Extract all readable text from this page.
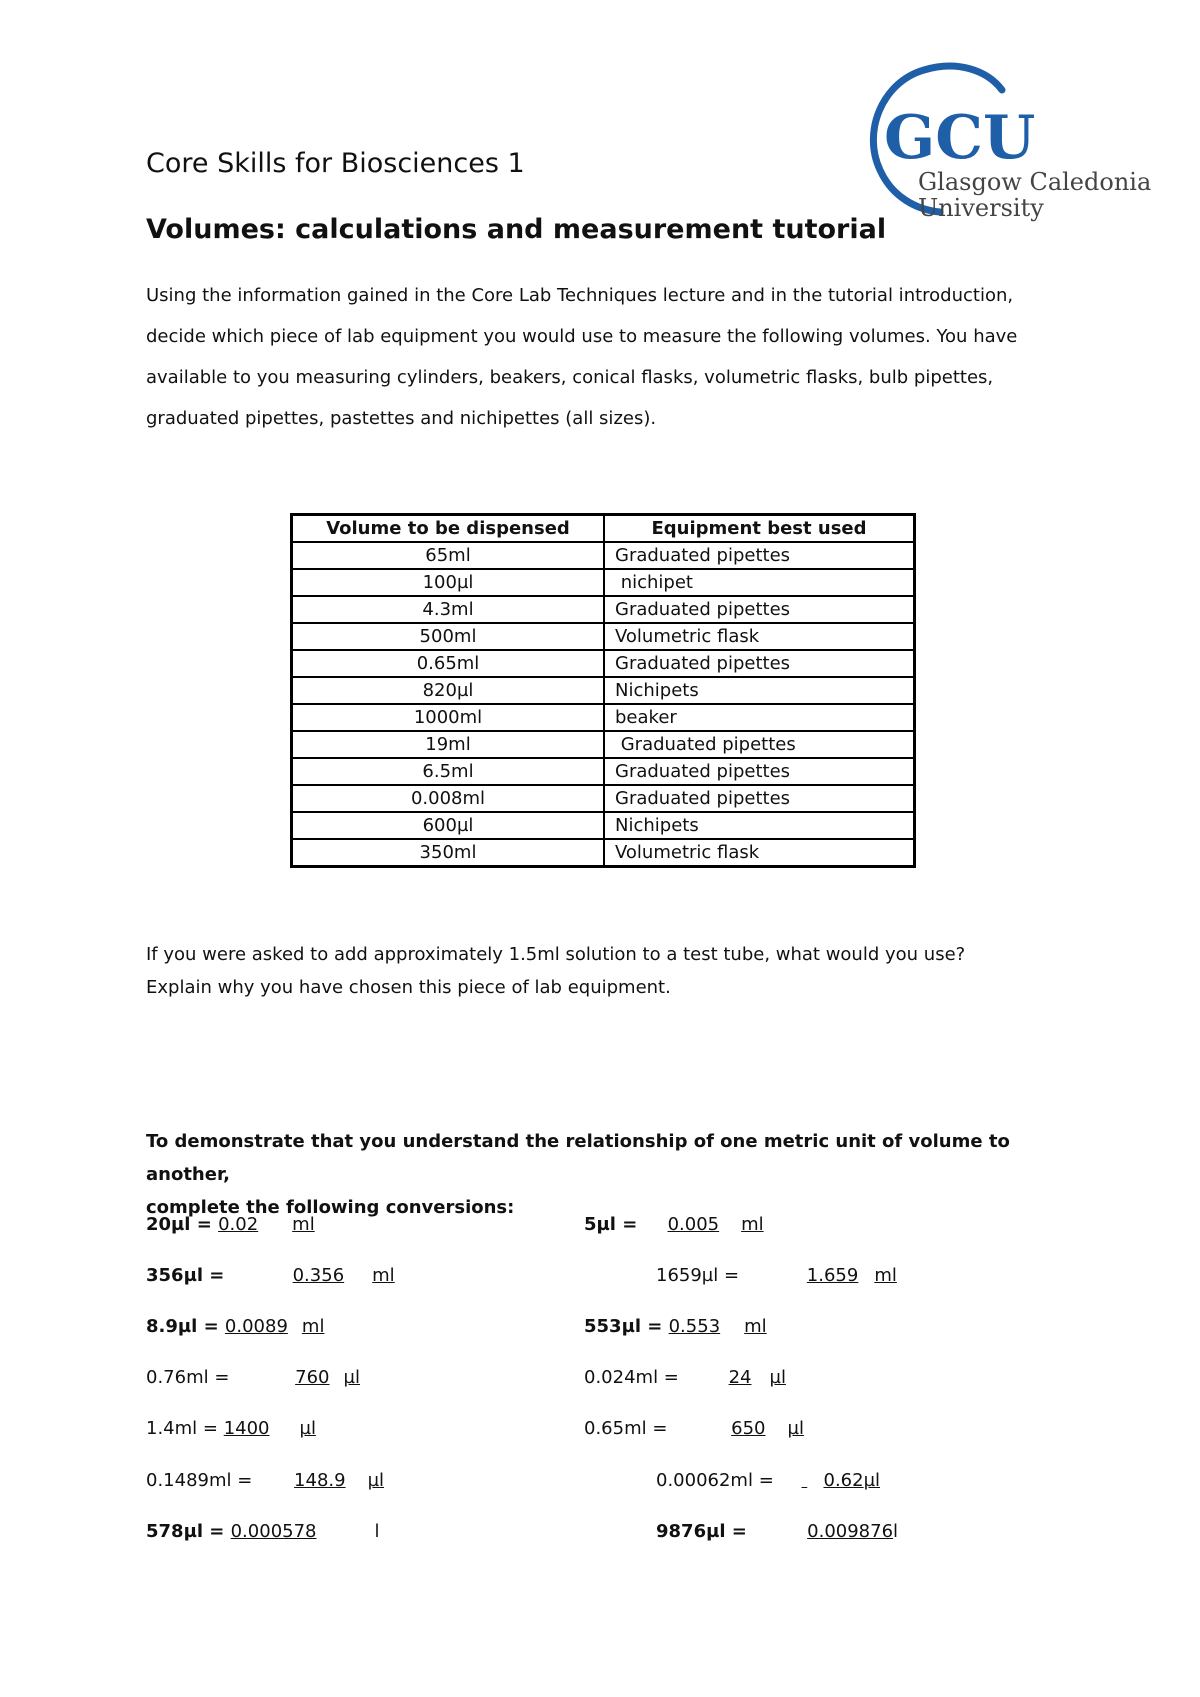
GCU
Glasgow Caledonian
University
Core Skills for Biosciences 1
Volumes: calculations and measurement tutorial
Using the information gained in the Core Lab Techniques lecture and in the tutorial introduction,
decide which piece of lab equipment you would use to measure the following volumes. You have
available to you measuring cylinders, beakers, conical flasks, volumetric flasks, bulb pipettes,
graduated pipettes, pastettes and nichipettes (all sizes).
Volume to be dispensed	Equipment best used
65ml	Graduated pipettes
100µl	nichipet
4.3ml	Graduated pipettes
500ml	Volumetric flask
0.65ml	Graduated pipettes
820µl	Nichipets
1000ml	beaker
19ml	Graduated pipettes
6.5ml	Graduated pipettes
0.008ml	Graduated pipettes
600µl	Nichipets
350ml	Volumetric flask
If you were asked to add approximately 1.5ml solution to a test tube, what would you use?
Explain why you have chosen this piece of lab equipment.
To demonstrate that you understand the relationship of one metric unit of volume to another,
complete the following conversions:
20µl = 0.02 ml
356µl =	0.356 ml
8.9µl = 0.0089 ml
0.76ml =	760 µl
1.4ml = 1400 µl
0.1489ml = 148.9 µl
578µl = 0.000578	l
5µl = 0.005 ml
1659µl =	1.659 ml
553µl = 0.553 ml
0.024ml = 24 µl
0.65ml =	650 µl
0.00062ml =  0.62µl
9876µl =	0.009876l
